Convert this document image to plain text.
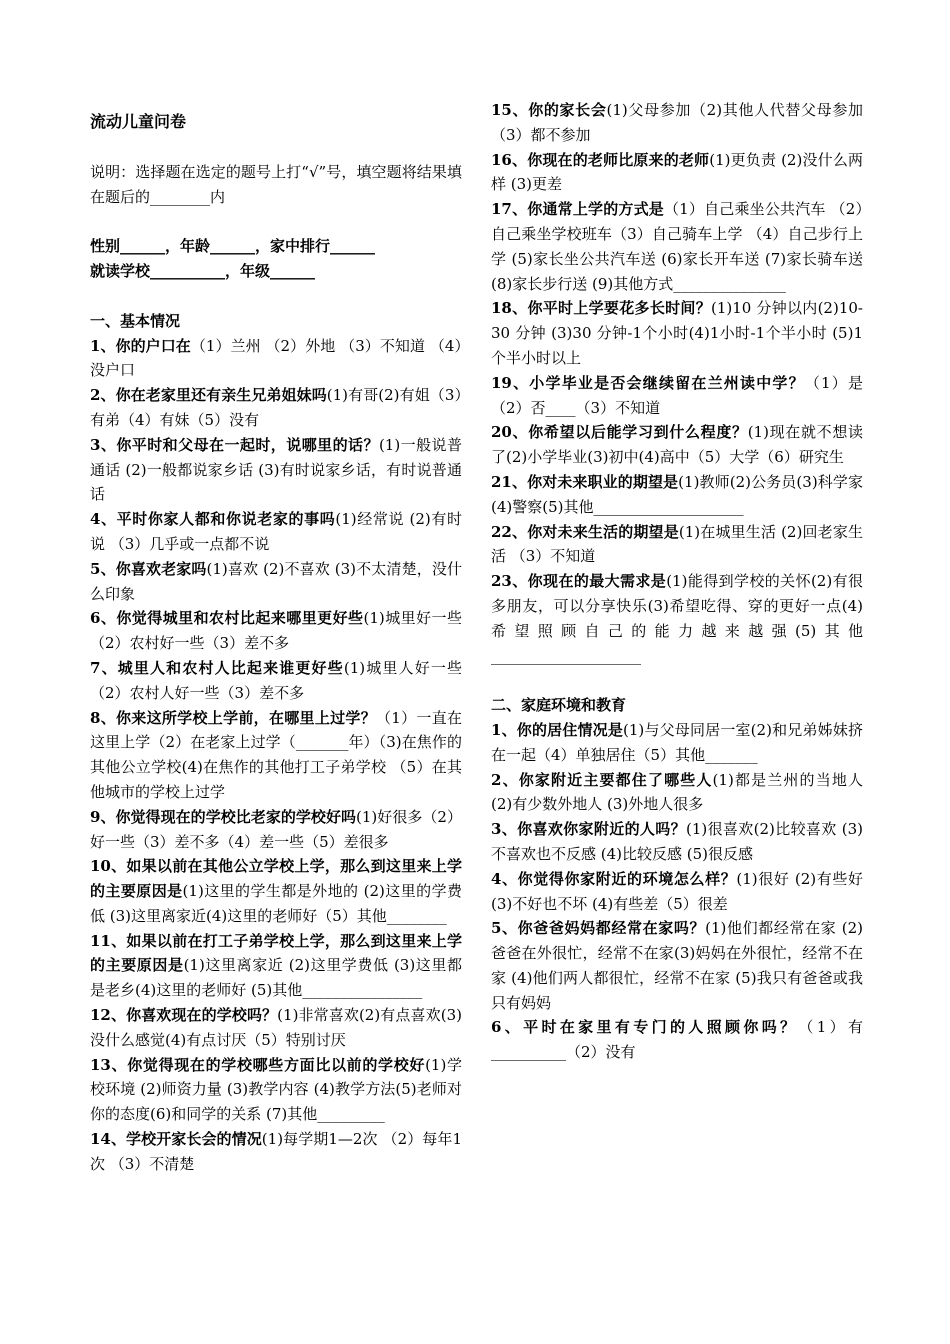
流动儿童问卷
说明：选择题在选定的题号上打“√”号，填空题将结果填在题后的________内
性别______，年龄______，家中排行______
就读学校__________，年级______
一、基本情况
1、你的户口在（1）兰州 （2）外地 （3）不知道 （4）没户口
2、你在老家里还有亲生兄弟姐妹吗(1)有哥(2)有姐（3）有弟（4）有妹（5）没有
3、你平时和父母在一起时，说哪里的话？(1)一般说普通话 (2)一般都说家乡话 (3)有时说家乡话，有时说普通话
4、平时你家人都和你说老家的事吗(1)经常说 (2)有时说 （3）几乎或一点都不说
5、你喜欢老家吗(1)喜欢 (2)不喜欢 (3)不太清楚，没什么印象
6、你觉得城里和农村比起来哪里更好些(1)城里好一些（2）农村好一些（3）差不多
7、城里人和农村人比起来谁更好些(1)城里人好一些（2）农村人好一些（3）差不多
8、你来这所学校上学前，在哪里上过学？（1）一直在这里上学（2）在老家上过学（_______年）（3)在焦作的其他公立学校(4)在焦作的其他打工子弟学校 （5）在其他城市的学校上过学
9、你觉得现在的学校比老家的学校好吗(1)好很多（2）好一些（3）差不多（4）差一些（5）差很多
10、如果以前在其他公立学校上学，那么到这里来上学的主要原因是(1)这里的学生都是外地的 (2)这里的学费低 (3)这里离家近(4)这里的老师好（5）其他________
11、如果以前在打工子弟学校上学，那么到这里来上学的主要原因是(1)这里离家近 (2)这里学费低 (3)这里都是老乡(4)这里的老师好 (5)其他________________
12、你喜欢现在的学校吗？(1)非常喜欢(2)有点喜欢(3)没什么感觉(4)有点讨厌（5）特别讨厌
13、你觉得现在的学校哪些方面比以前的学校好(1)学校环境 (2)师资力量 (3)教学内容 (4)教学方法(5)老师对你的态度(6)和同学的关系 (7)其他_________
14、学校开家长会的情况(1)每学期1—2次 （2）每年1次 （3）不清楚
15、你的家长会(1)父母参加（2)其他人代替父母参加 （3）都不参加
16、你现在的老师比原来的老师(1)更负责 (2)没什么两样 (3)更差
17、你通常上学的方式是（1）自己乘坐公共汽车 （2）自己乘坐学校班车（3）自己骑车上学 （4）自己步行上学 (5)家长坐公共汽车送 (6)家长开车送 (7)家长骑车送 (8)家长步行送 (9)其他方式_______________
18、你平时上学要花多长时间？(1)10 分钟以内(2)10-30 分钟 (3)30 分钟-1个小时(4)1小时-1个半小时 (5)1个半小时以上
19、小学毕业是否会继续留在兰州读中学？（1）是 （2）否____（3）不知道
20、你希望以后能学习到什么程度？(1)现在就不想读了(2)小学毕业(3)初中(4)高中（5）大学（6）研究生
21、你对未来职业的期望是(1)教师(2)公务员(3)科学家(4)警察(5)其他____________________
22、你对未来生活的期望是(1)在城里生活 (2)回老家生活 （3）不知道
23、你现在的最大需求是(1)能得到学校的关怀(2)有很多朋友，可以分享快乐(3)希望吃得、穿的更好一点(4)希望照顾自己的能力越来越强(5)其他____________________
二、家庭环境和教育
1、你的居住情况是(1)与父母同居一室(2)和兄弟姊妹挤在一起（4）单独居住（5）其他_______
2、你家附近主要都住了哪些人(1)都是兰州的当地人 (2)有少数外地人 (3)外地人很多
3、你喜欢你家附近的人吗？(1)很喜欢(2)比较喜欢 (3)不喜欢也不反感 (4)比较反感 (5)很反感
4、你觉得你家附近的环境怎么样？(1)很好 (2)有些好 (3)不好也不坏 (4)有些差（5）很差
5、你爸爸妈妈都经常在家吗？(1)他们都经常在家 (2)爸爸在外很忙，经常不在家(3)妈妈在外很忙，经常不在家 (4)他们两人都很忙，经常不在家 (5)我只有爸爸或我只有妈妈
6、平时在家里有专门的人照顾你吗？（1）有__________（2）没有
